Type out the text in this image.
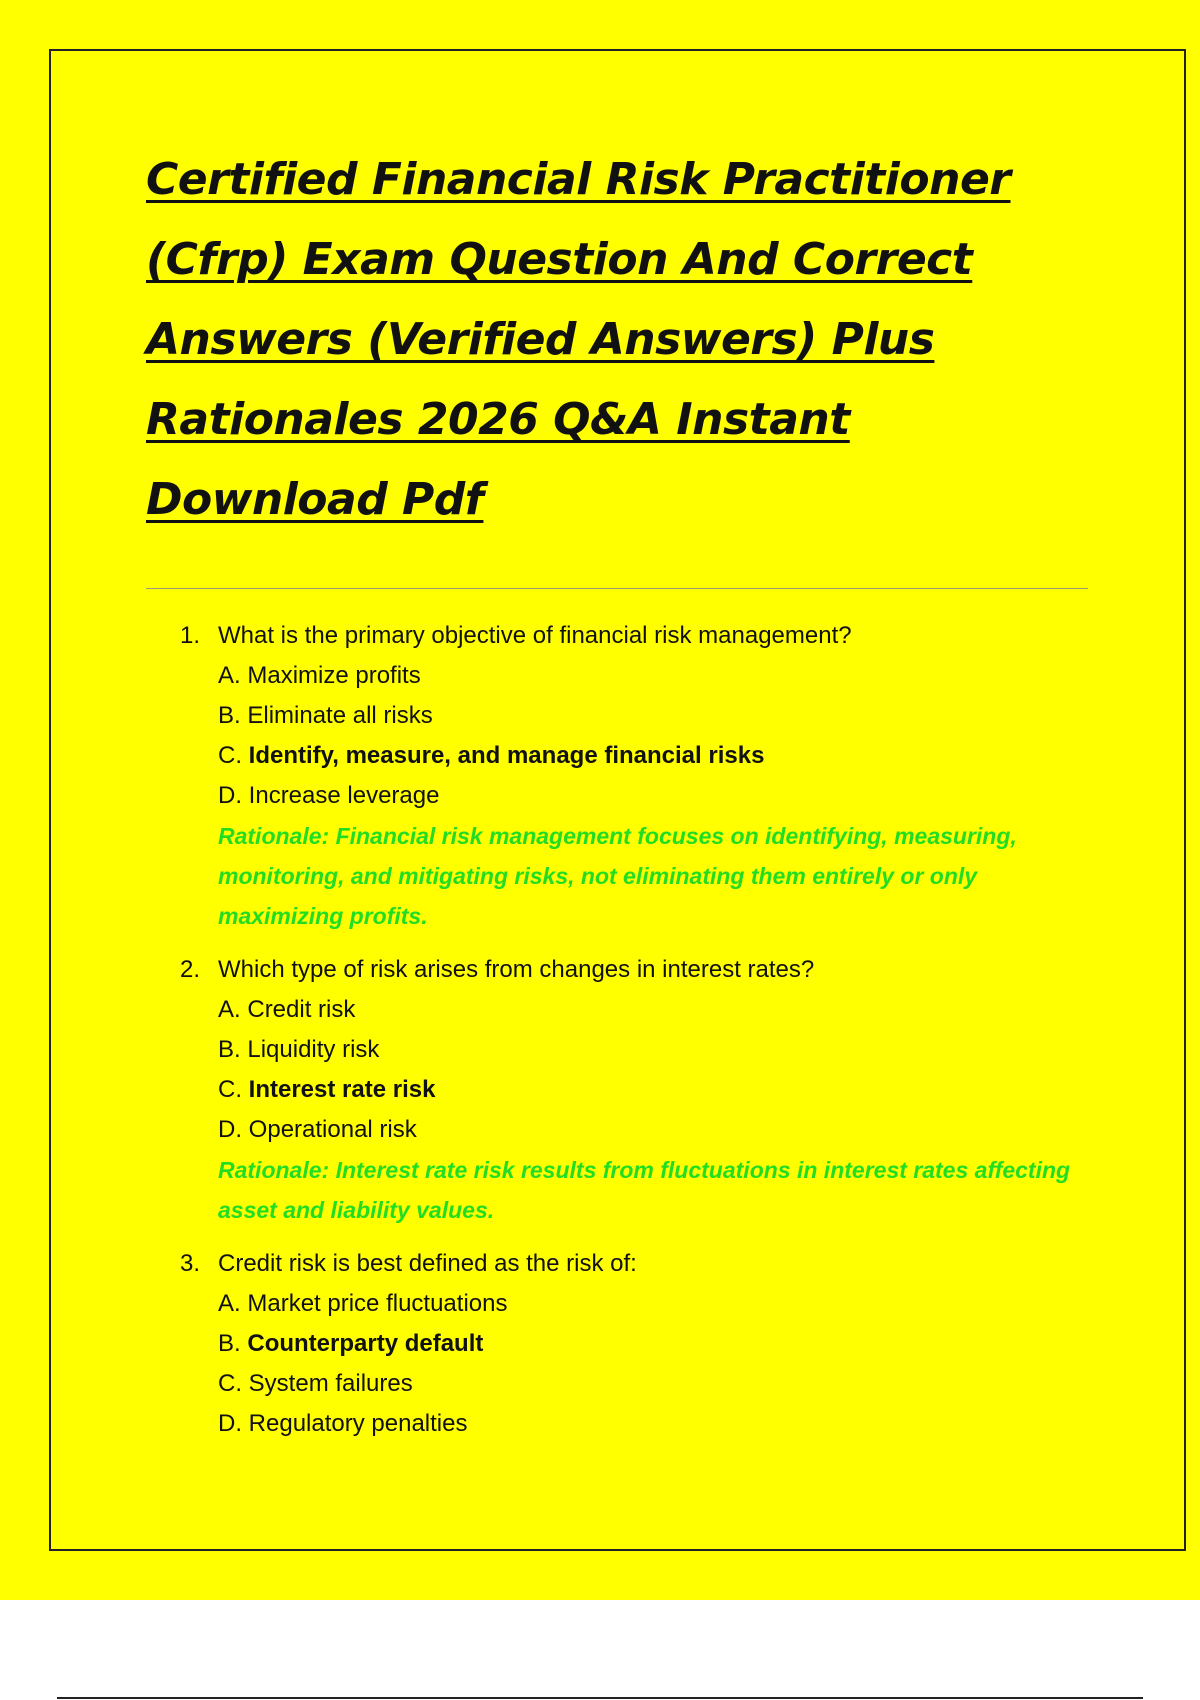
Certified Financial Risk Practitioner (Cfrp) Exam Question And Correct Answers (Verified Answers) Plus Rationales 2026 Q&A Instant Download Pdf
1. What is the primary objective of financial risk management?
A. Maximize profits
B. Eliminate all risks
C. Identify, measure, and manage financial risks
D. Increase leverage
Rationale: Financial risk management focuses on identifying, measuring, monitoring, and mitigating risks, not eliminating them entirely or only maximizing profits.
2. Which type of risk arises from changes in interest rates?
A. Credit risk
B. Liquidity risk
C. Interest rate risk
D. Operational risk
Rationale: Interest rate risk results from fluctuations in interest rates affecting asset and liability values.
3. Credit risk is best defined as the risk of:
A. Market price fluctuations
B. Counterparty default
C. System failures
D. Regulatory penalties
